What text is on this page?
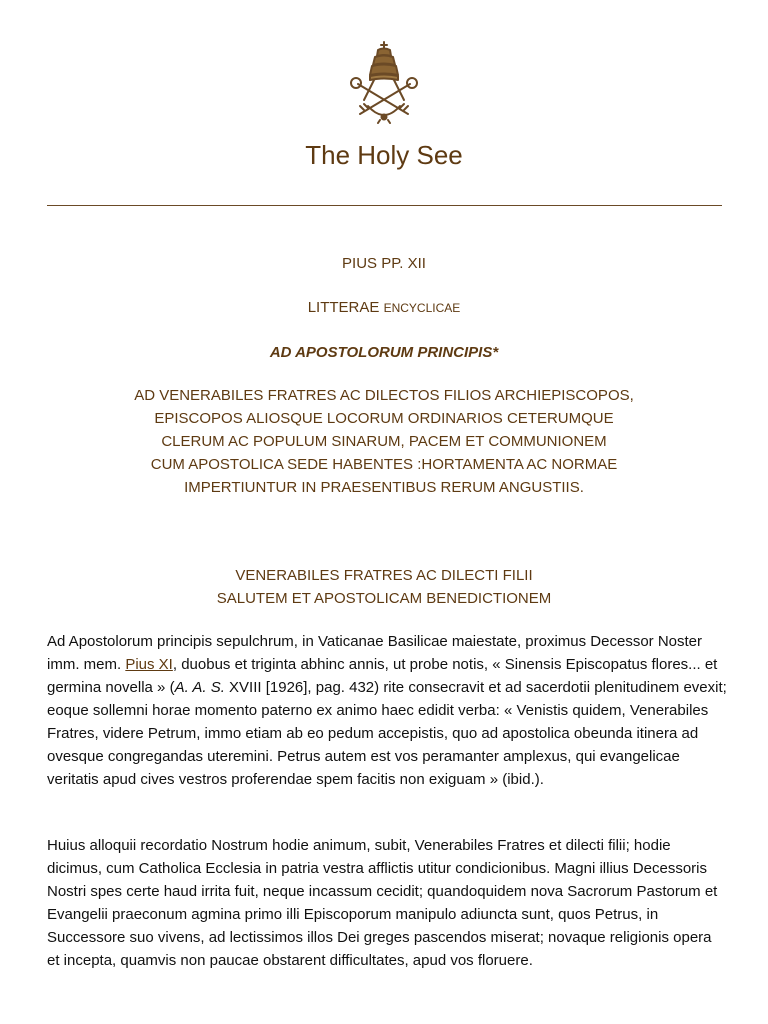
The Holy See
PIUS PP. XII
LITTERAE ENCYCLICAE
AD APOSTOLORUM PRINCIPIS*
AD VENERABILES FRATRES AC DILECTOS FILIOS ARCHIEPISCOPOS,
EPISCOPOS ALIOSQUE LOCORUM ORDINARIOS CETERUMQUE
CLERUM AC POPULUM SINARUM, PACEM ET COMMUNIONEM
CUM APOSTOLICA SEDE HABENTES :HORTAMENTA AC NORMAE
IMPERTIUNTUR IN PRAESENTIBUS RERUM ANGUSTIIS.
VENERABILES FRATRES AC DILECTI FILII
SALUTEM ET APOSTOLICAM BENEDICTIONEM

Ad Apostolorum principis sepulchrum, in Vaticanae Basilicae maiestate, proximus Decessor Noster imm. mem. Pius XI, duobus et triginta abhinc annis, ut probe notis, « Sinensis Episcopatus flores... et germina novella » (A. A. S. XVIII [1926], pag. 432) rite consecravit et ad sacerdotii plenitudinem evexit; eoque sollemni horae momento paterno ex animo haec edidit verba: « Venistis quidem, Venerabiles Fratres, videre Petrum, immo etiam ab eo pedum accepistis, quo ad apostolica obeunda itinera ad ovesque congregandas uteremini. Petrus autem est vos peramanter amplexus, qui evangelicae veritatis apud cives vestros proferendae spem facitis non exiguam » (ibid.).

Huius alloquii recordatio Nostrum hodie animum, subit, Venerabiles Fratres et dilecti filii; hodie dicimus, cum Catholica Ecclesia in patria vestra afflictis utitur condicionibus. Magni illius Decessoris Nostri spes certe haud irrita fuit, neque incassum cecidit; quandoquidem nova Sacrorum Pastorum et Evangelii praeconum agmina primo illi Episcoporum manipulo adiuncta sunt, quos Petrus, in Successore suo vivens, ad lectissimos illos Dei greges pascendos miserat; novaque religionis opera et incepta, quamvis non paucae obstarent difficultates, apud vos floruere.
